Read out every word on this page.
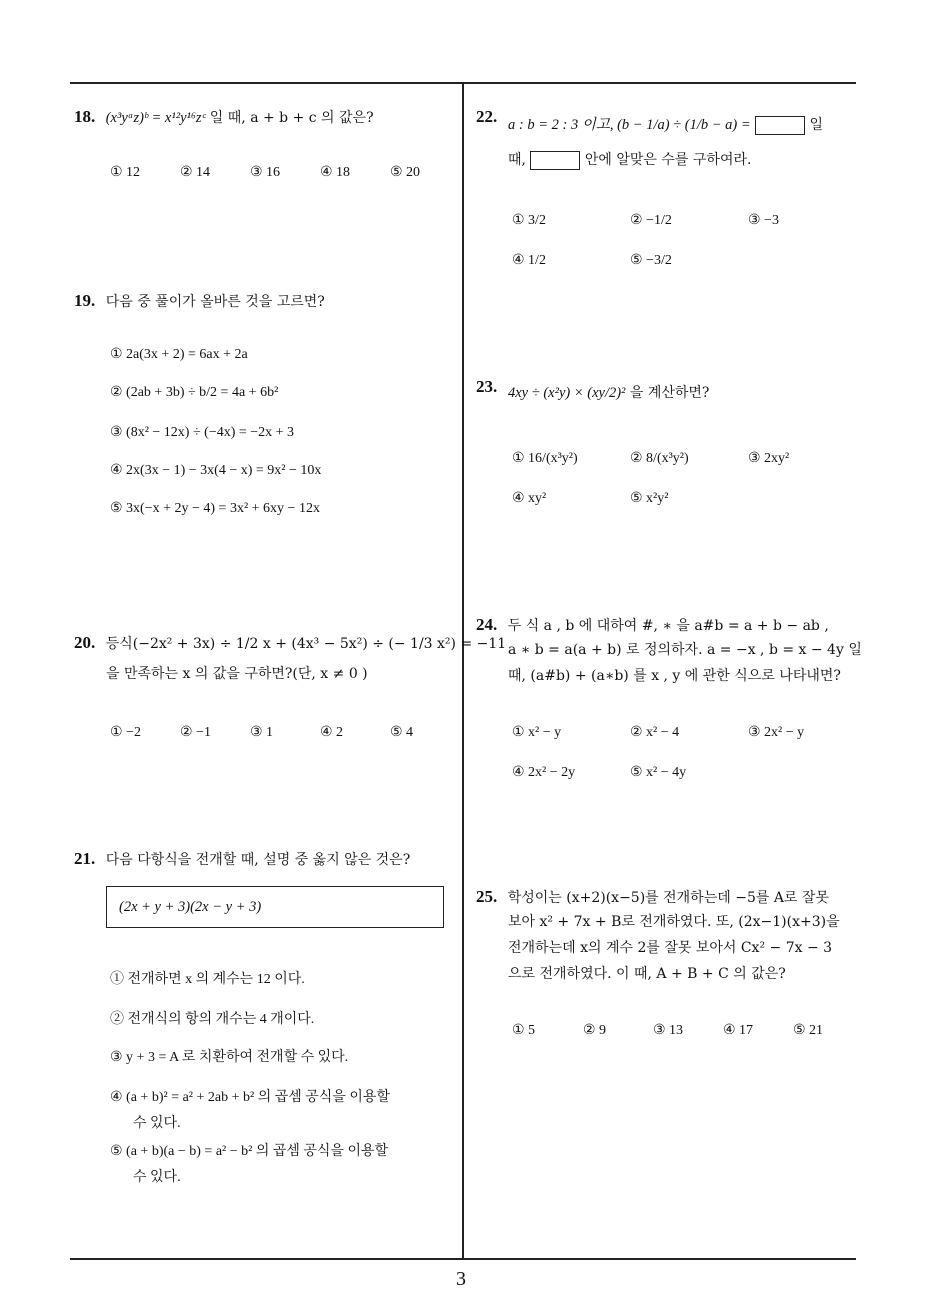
18. (x³yᵃz)ᵇ = x¹²y¹⁶zᶜ 일 때, a + b + c 의 값은?
① 12	② 14	③ 16	④ 18	⑤ 20
19. 다음 중 풀이가 올바른 것을 고르면?
① 2a(3x + 2) = 6ax + 2a
② (2ab + 3b) ÷ b/2 = 4a + 6b²
③ (8x² − 12x) ÷ (−4x) = −2x + 3
④ 2x(3x − 1) − 3x(4 − x) = 9x² − 10x
⑤ 3x(−x + 2y − 4) = 3x² + 6xy − 12x
20. 등식(−2x² + 3x) ÷ 1/2 x + (4x³ − 5x²) ÷ (− 1/3 x²) = −11
을 만족하는 x 의 값을 구하면?(단, x ≠ 0 )
① −2	② −1	③ 1	④ 2	⑤ 4
21. 다음 다항식을 전개할 때, 설명 중 옳지 않은 것은?
(2x + y + 3)(2x − y + 3)
① 전개하면 x 의 계수는 12 이다.
② 전개식의 항의 개수는 4 개이다.
③ y + 3 = A 로 치환하여 전개할 수 있다.
④ (a + b)² = a² + 2ab + b² 의 곱셈 공식을 이용할
수 있다.
⑤ (a + b)(a − b) = a² − b² 의 곱셈 공식을 이용할
수 있다.
22. a : b = 2 : 3 이고, (b − 1/a) ÷ (1/b − a) =	일
때,	안에 알맞은 수를 구하여라.
① 3/2	② −1/2	③ −3
④ 1/2	⑤ −3/2
23. 4xy ÷ (x²y) × (xy/2)² 을 계산하면?
① 16/(x³y²)	② 8/(x³y²)	③ 2xy²
④ xy²	⑤ x²y²
24. 두 식 a , b 에 대하여 #, ∗ 을 a#b = a + b − ab ,
a ∗ b = a(a + b) 로 정의하자. a = −x , b = x − 4y 일
때, (a#b) + (a∗b) 를 x , y 에 관한 식으로 나타내면?
① x² − y	② x² − 4	③ 2x² − y
④ 2x² − 2y	⑤ x² − 4y
25. 학성이는 (x+2)(x−5)를 전개하는데 −5를 A로 잘못
보아 x² + 7x + B로 전개하였다. 또, (2x−1)(x+3)을
전개하는데 x의 계수 2를 잘못 보아서 Cx² − 7x − 3
으로 전개하였다. 이 때, A + B + C 의 값은?
① 5	② 9	③ 13	④ 17	⑤ 21
3
